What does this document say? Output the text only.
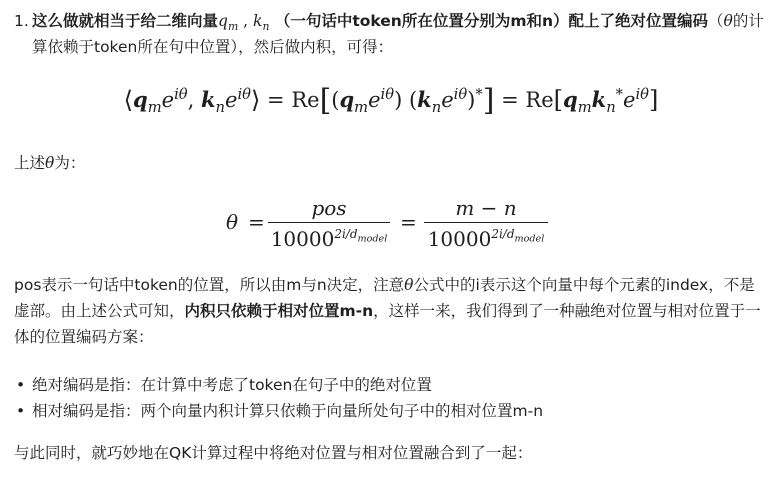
1. 这么做就相当于给二维向量$q_m$ , $k_n$ （一句话中token所在位置分别为m和n）配上了绝对位置编码（θ的计算依赖于token所在句中位置），然后做内积，可得：
$⟨q_me^{i\theta}$, $k_ne^{i\theta}⟩ = Re[(q_me^{i\theta}) (k_ne^{i\theta})^*] = Re[q_mk_n^*e^{i\theta}]$
上述θ为：
θ =
pos
$10000^{2i/d_{model}}$
=
m − n
$10000^{2i/d_{model}}$
pos表示一句话中token的位置，所以由m与n决定，注意θ公式中的i表示这个向量中每个元素的index，不是虚部。由上述公式可知，内积只依赖于相对位置m-n，这样一来，我们得到了一种融绝对位置与相对位置于一体的位置编码方案：
• 绝对编码是指：在计算中考虑了token在句子中的绝对位置
• 相对编码是指：两个向量内积计算只依赖于向量所处句子中的相对位置m-n
与此同时，就巧妙地在QK计算过程中将绝对位置与相对位置融合到了一起：
